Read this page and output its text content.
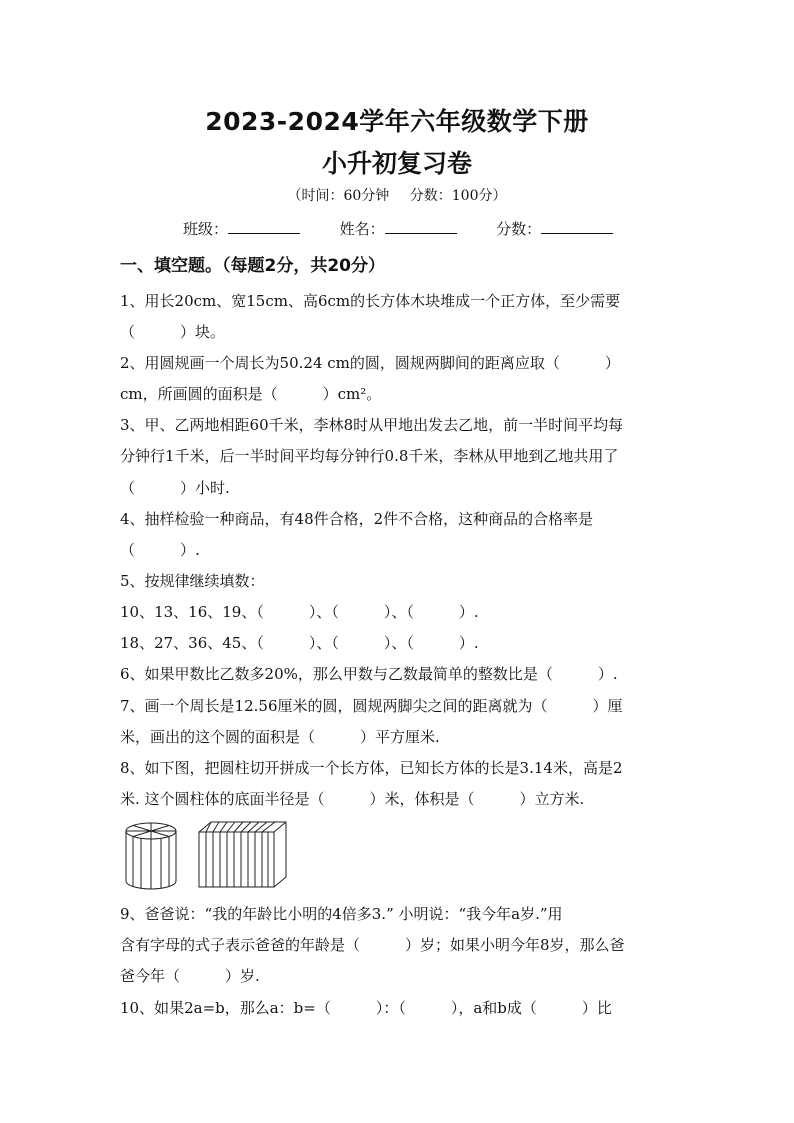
2023-2024学年六年级数学下册
小升初复习卷
（时间：60分钟 分数：100分）
班级：	姓名：	分数：
一、填空题。（每题2分，共20分）
1、用长20cm、宽15cm、高6cm的长方体木块堆成一个正方体，至少需要
（　　　）块。
2、用圆规画一个周长为50.24 cm的圆，圆规两脚间的距离应取（　　　）
cm，所画圆的面积是（　　　）cm²。
3、甲、乙两地相距60千米，李林8时从甲地出发去乙地，前一半时间平均每
分钟行1千米，后一半时间平均每分钟行0.8千米，李林从甲地到乙地共用了
（　　　）小时.
4、抽样检验一种商品，有48件合格，2件不合格，这种商品的合格率是
（　　　）.
5、按规律继续填数：
10、13、16、19、（　　　）、（　　　）、（　　　）.
18、27、36、45、（　　　）、（　　　）、（　　　）.
6、如果甲数比乙数多20%，那么甲数与乙数最简单的整数比是（　　　）.
7、画一个周长是12.56厘米的圆，圆规两脚尖之间的距离就为（　　　）厘
米，画出的这个圆的面积是（　　　）平方厘米.
8、如下图，把圆柱切开拼成一个长方体，已知长方体的长是3.14米，高是2
米. 这个圆柱体的底面半径是（　　　）米，体积是（　　　）立方米.
9、爸爸说：“我的年龄比小明的4倍多3.” 小明说：“我今年a岁.”用
含有字母的式子表示爸爸的年龄是（　　　）岁；如果小明今年8岁，那么爸
爸今年（　　　）岁.
10、如果2a=b，那么a：b=（　　　）：（　　　），a和b成（　　　）比
